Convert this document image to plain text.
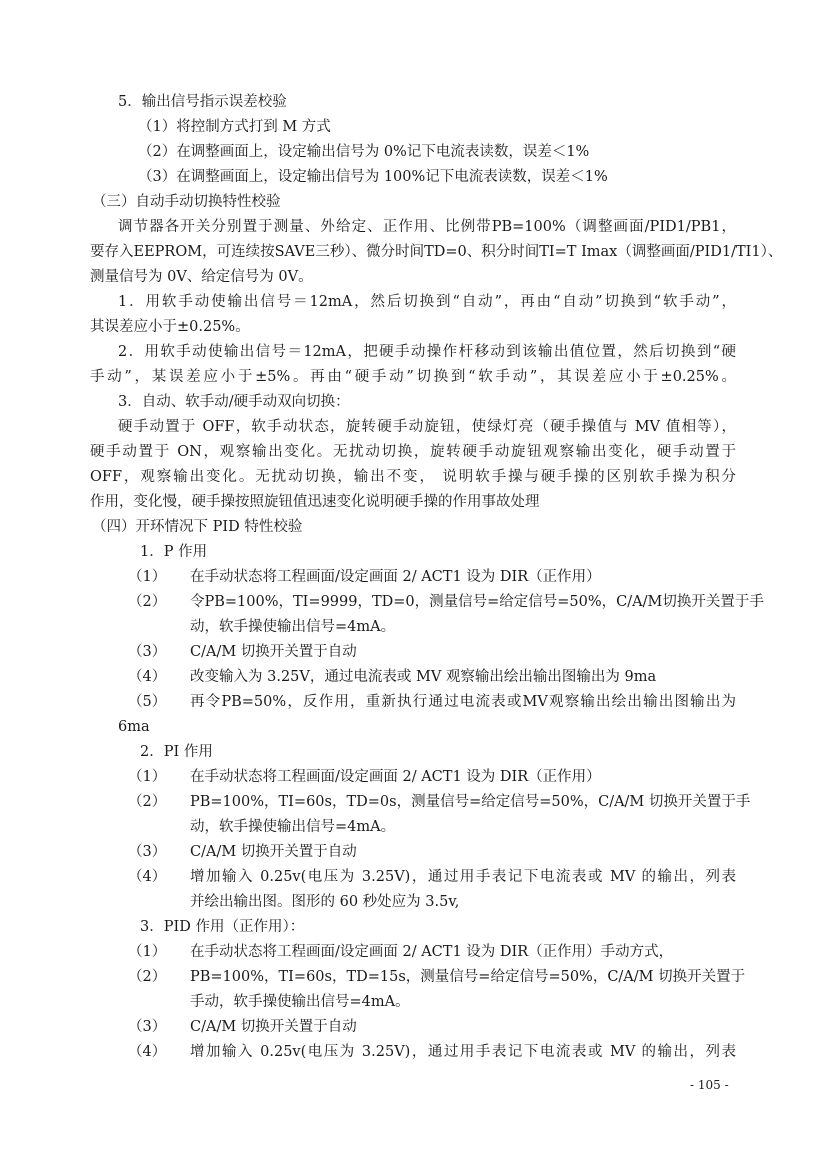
5．输出信号指示误差校验
（1）将控制方式打到 M 方式
（2）在调整画面上，设定输出信号为 0%记下电流表读数，误差＜1%
（3）在调整画面上，设定输出信号为 100%记下电流表读数，误差＜1%
（三）自动手动切换特性校验
调节器各开关分别置于测量、外给定、正作用、比例带PB=100%（调整画面/PID1/PB1，
要存入EEPROM，可连续按SAVE三秒）、微分时间TD=0、积分时间TI=T Imax（调整画面/PID1/TI1）、
测量信号为 0V、给定信号为 0V。
1．用软手动使输出信号＝12mA，然后切换到“自动”，再由“自动”切换到“软手动”，
其误差应小于±0.25%。
2．用软手动使输出信号＝12mA，把硬手动操作杆移动到该输出值位置，然后切换到“硬
手动”，某误差应小于±5%。再由“硬手动”切换到“软手动”，其误差应小于±0.25%。
3．自动、软手动/硬手动双向切换：
硬手动置于 OFF，软手动状态，旋转硬手动旋钮，使绿灯亮（硬手操值与 MV 值相等），
硬手动置于 ON，观察输出变化。无扰动切换，旋转硬手动旋钮观察输出变化，硬手动置于
OFF，观察输出变化。无扰动切换，输出不变， 说明软手操与硬手操的区别软手操为积分
作用，变化慢，硬手操按照旋钮值迅速变化说明硬手操的作用事故处理
（四）开环情况下 PID 特性校验
1．P 作用
（1） 在手动状态将工程画面/设定画面 2/ ACT1 设为 DIR（正作用）
（2） 令PB=100%，TI=9999，TD=0，测量信号=给定信号=50%，C/A/M切换开关置于手
动，软手操使输出信号=4mA。
（3） C/A/M 切换开关置于自动
（4） 改变输入为 3.25V，通过电流表或 MV 观察输出绘出输出图输出为 9ma
（5） 再令PB=50%，反作用，重新执行通过电流表或MV观察输出绘出输出图输出为
6ma
2．PI 作用
（1） 在手动状态将工程画面/设定画面 2/ ACT1 设为 DIR（正作用）
（2） PB=100%，TI=60s，TD=0s，测量信号=给定信号=50%，C/A/M 切换开关置于手
动，软手操使输出信号=4mA。
（3） C/A/M 切换开关置于自动
（4） 增加输入 0.25v(电压为 3.25V)，通过用手表记下电流表或 MV 的输出，列表
并绘出输出图。图形的 60 秒处应为 3.5v,
3．PID 作用（正作用）：
（1） 在手动状态将工程画面/设定画面 2/ ACT1 设为 DIR（正作用）手动方式，
（2） PB=100%，TI=60s，TD=15s，测量信号=给定信号=50%，C/A/M 切换开关置于
手动，软手操使输出信号=4mA。
（3） C/A/M 切换开关置于自动
（4） 增加输入 0.25v(电压为 3.25V)，通过用手表记下电流表或 MV 的输出，列表
- 105 -
